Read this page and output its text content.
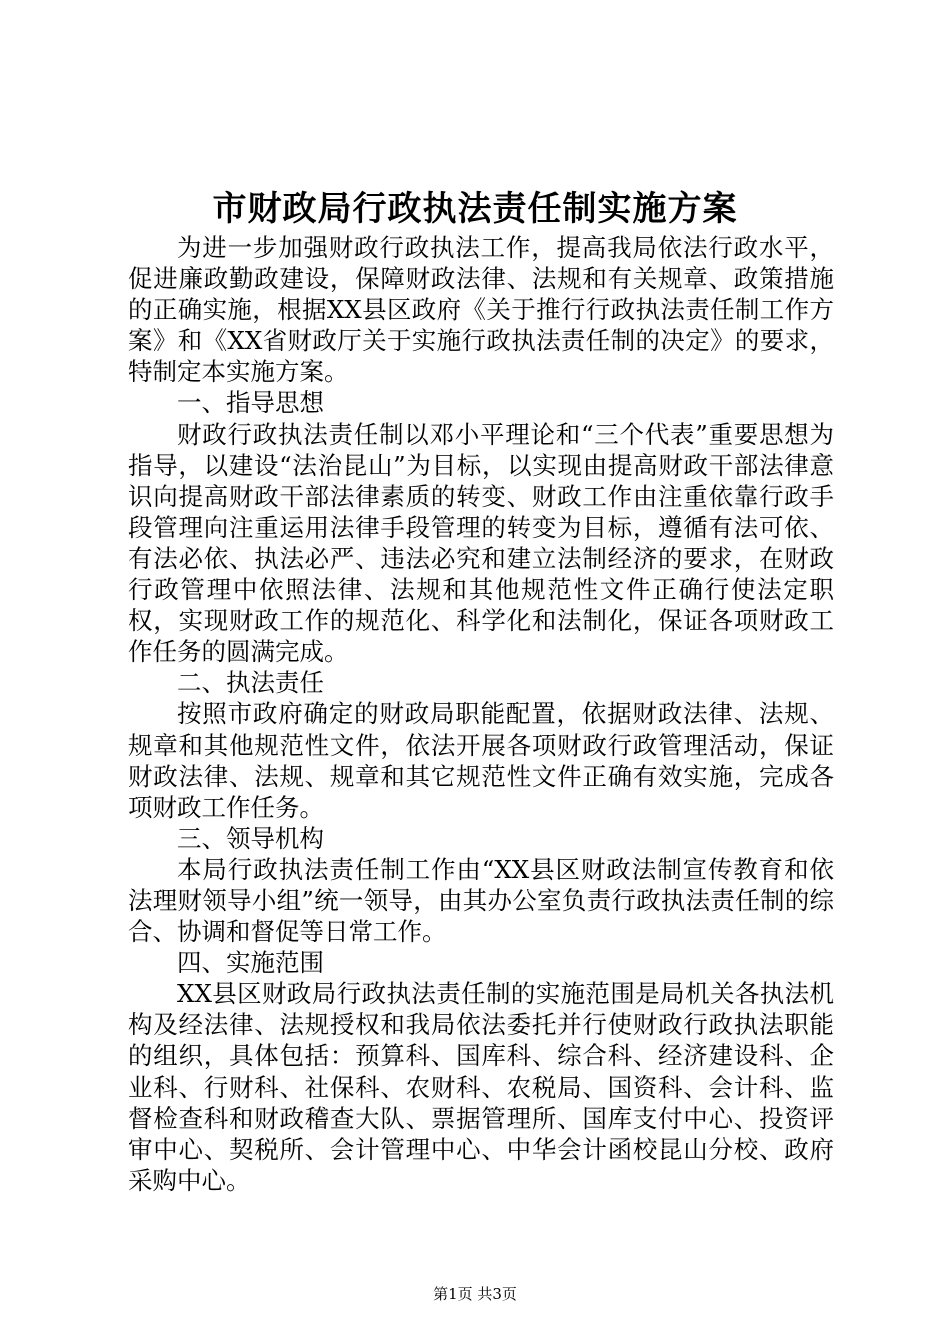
市财政局行政执法责任制实施方案

为进一步加强财政行政执法工作，提高我局依法行政水平，促进廉政勤政建设，保障财政法律、法规和有关规章、政策措施的正确实施，根据XX县区政府《关于推行行政执法责任制工作方案》和《XX省财政厅关于实施行政执法责任制的决定》的要求，特制定本实施方案。

一、指导思想

财政行政执法责任制以邓小平理论和“三个代表”重要思想为指导，以建设“法治昆山”为目标，以实现由提高财政干部法律意识向提高财政干部法律素质的转变、财政工作由注重依靠行政手段管理向注重运用法律手段管理的转变为目标，遵循有法可依、有法必依、执法必严、违法必究和建立法制经济的要求，在财政行政管理中依照法律、法规和其他规范性文件正确行使法定职权，实现财政工作的规范化、科学化和法制化，保证各项财政工作任务的圆满完成。

二、执法责任

按照市政府确定的财政局职能配置，依据财政法律、法规、规章和其他规范性文件，依法开展各项财政行政管理活动，保证财政法律、法规、规章和其它规范性文件正确有效实施，完成各项财政工作任务。

三、领导机构

本局行政执法责任制工作由“XX县区财政法制宣传教育和依法理财领导小组”统一领导，由其办公室负责行政执法责任制的综合、协调和督促等日常工作。

四、实施范围

XX县区财政局行政执法责任制的实施范围是局机关各执法机构及经法律、法规授权和我局依法委托并行使财政行政执法职能的组织，具体包括：预算科、国库科、综合科、经济建设科、企业科、行财科、社保科、农财科、农税局、国资科、会计科、监督检查科和财政稽查大队、票据管理所、国库支付中心、投资评审中心、契税所、会计管理中心、中华会计函校昆山分校、政府采购中心。

第1页 共3页
